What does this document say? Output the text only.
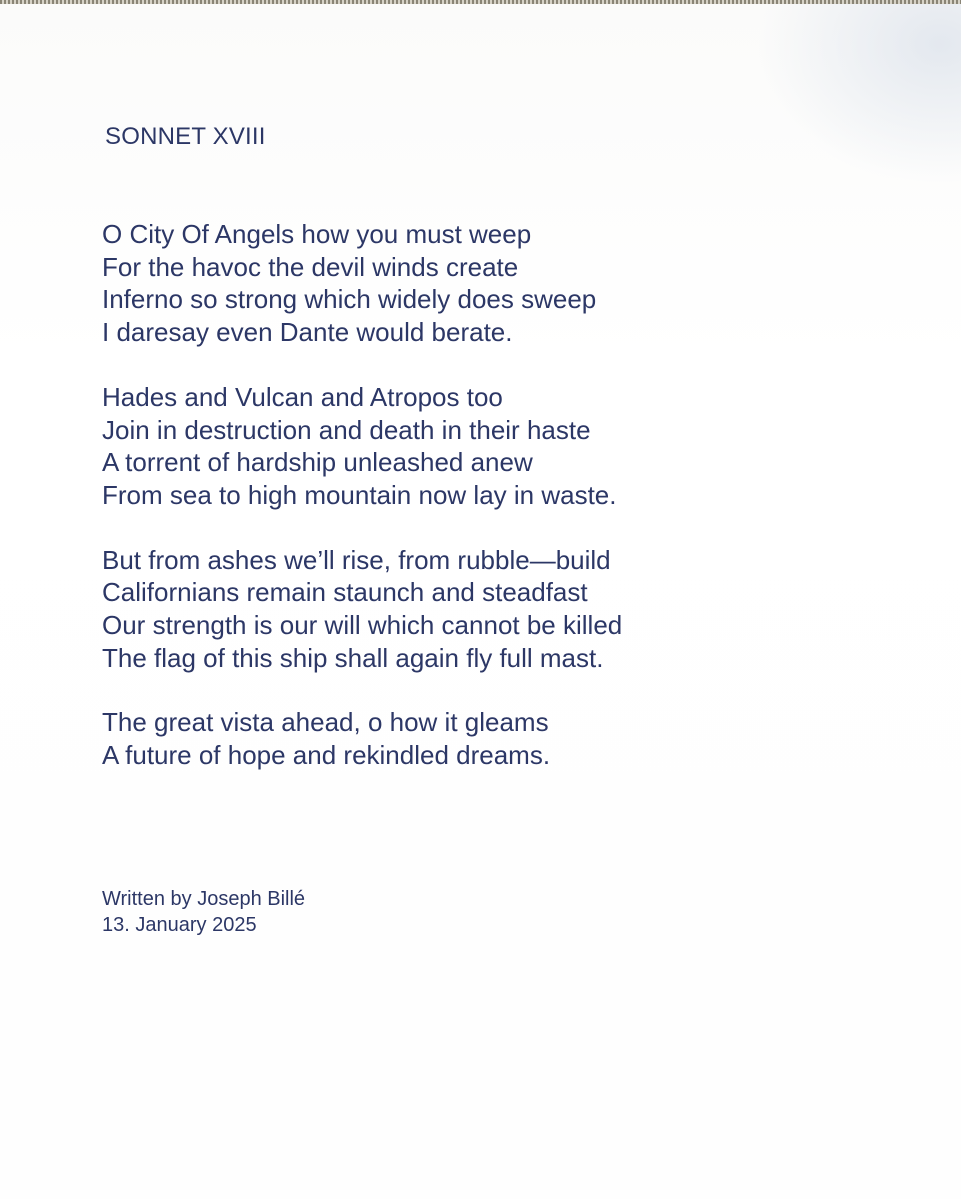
SONNET XVIII

O City Of Angels how you must weep
For the havoc the devil winds create
Inferno so strong which widely does sweep
I daresay even Dante would berate.

Hades and Vulcan and Atropos too
Join in destruction and death in their haste
A torrent of hardship unleashed anew
From sea to high mountain now lay in waste.

But from ashes we’ll rise, from rubble—build
Californians remain staunch and steadfast
Our strength is our will which cannot be killed
The flag of this ship shall again fly full mast.

The great vista ahead, o how it gleams
A future of hope and rekindled dreams.

Written by Joseph Billé
13. January 2025
